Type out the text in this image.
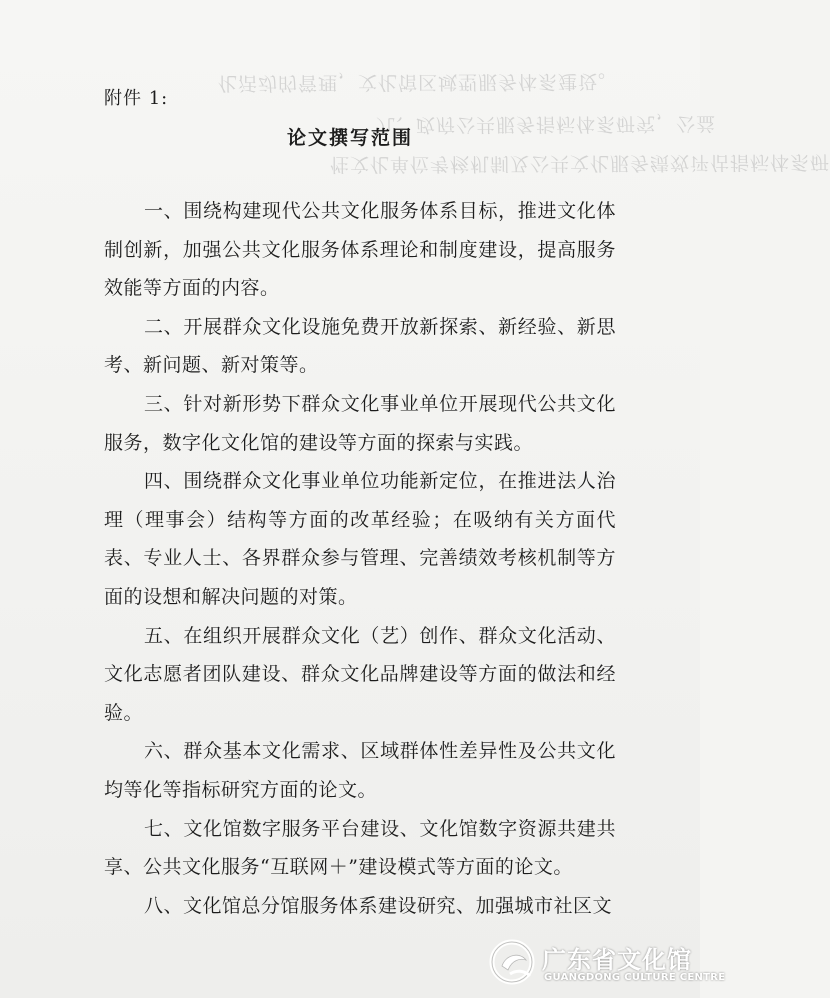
化活动的管理，文化馆区域型服务体系建设。
九、政府公共服务指标体系研究，公益
性文化单位考核机制及公共文化服务绩效评估指标体系研
附件 1:
论文撰写范围

一、围绕构建现代公共文化服务体系目标，推进文化体制创新，加强公共文化服务体系理论和制度建设，提高服务效能等方面的内容。

二、开展群众文化设施免费开放新探索、新经验、新思考、新问题、新对策等。

三、针对新形势下群众文化事业单位开展现代公共文化服务，数字化文化馆的建设等方面的探索与实践。

四、围绕群众文化事业单位功能新定位，在推进法人治理（理事会）结构等方面的改革经验；在吸纳有关方面代表、专业人士、各界群众参与管理、完善绩效考核机制等方面的设想和解决问题的对策。

五、在组织开展群众文化（艺）创作、群众文化活动、文化志愿者团队建设、群众文化品牌建设等方面的做法和经验。

六、群众基本文化需求、区域群体性差异性及公共文化均等化等指标研究方面的论文。

七、文化馆数字服务平台建设、文化馆数字资源共建共享、公共文化服务“互联网＋”建设模式等方面的论文。

八、文化馆总分馆服务体系建设研究、加强城市社区文

广东省文化馆
GUANGDONG CULTURE CENTRE
